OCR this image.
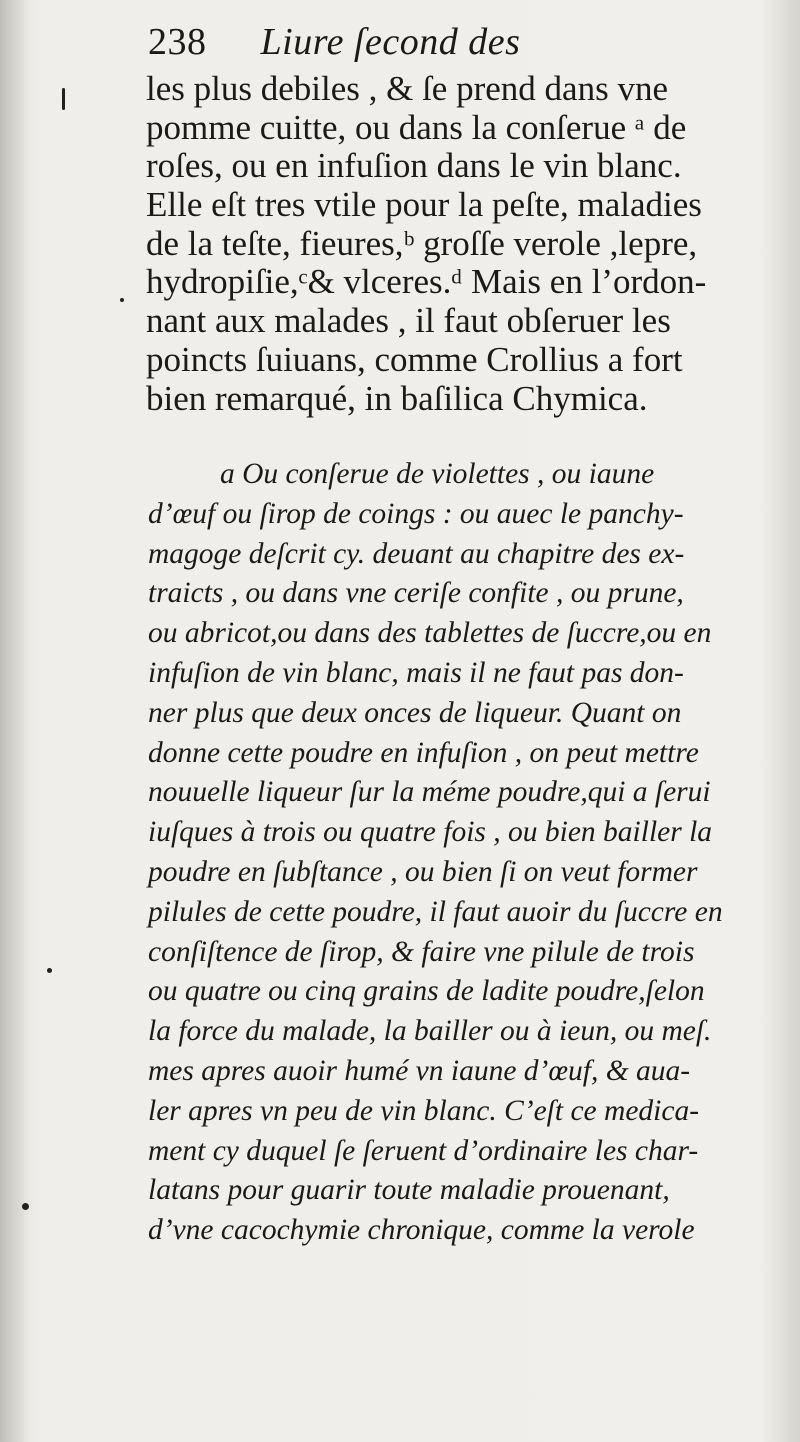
238 Liure ſecond des
les plus debiles , & ſe prend dans vne
pomme cuitte, ou dans la conſerue ᵃ de
roſes, ou en infuſion dans le vin blanc.
Elle eſt tres vtile pour la peſte, maladies
de la teſte, fieures,ᵇ groſſe verole ,lepre,
hydropiſie,ᶜ& vlceres.ᵈ Mais en l’ordon-
nant aux malades , il faut obſeruer les
poincts ſuiuans, comme Crollius a fort
bien remarqué, in baſilica Chymica.
a Ou conſerue de violettes , ou iaune
d’œuf ou ſirop de coings : ou auec le panchy-
magoge deſcrit cy. deuant au chapitre des ex-
traicts , ou dans vne ceriſe confite , ou prune,
ou abricot,ou dans des tablettes de ſuccre,ou en
infuſion de vin blanc, mais il ne faut pas don-
ner plus que deux onces de liqueur. Quant on
donne cette poudre en infuſion , on peut mettre
nouuelle liqueur ſur la méme poudre,qui a ſerui
iuſques à trois ou quatre fois , ou bien bailler la
poudre en ſubſtance , ou bien ſi on veut former
pilules de cette poudre, il faut auoir du ſuccre en
conſiſtence de ſirop, & faire vne pilule de trois
ou quatre ou cinq grains de ladite poudre,ſelon
la force du malade, la bailler ou à ieun, ou meſ.
mes apres auoir humé vn iaune d’œuf, & aua-
ler apres vn peu de vin blanc. C’eſt ce medica-
ment cy duquel ſe ſeruent d’ordinaire les char-
latans pour guarir toute maladie prouenant,
d’vne cacochymie chronique, comme la verole
